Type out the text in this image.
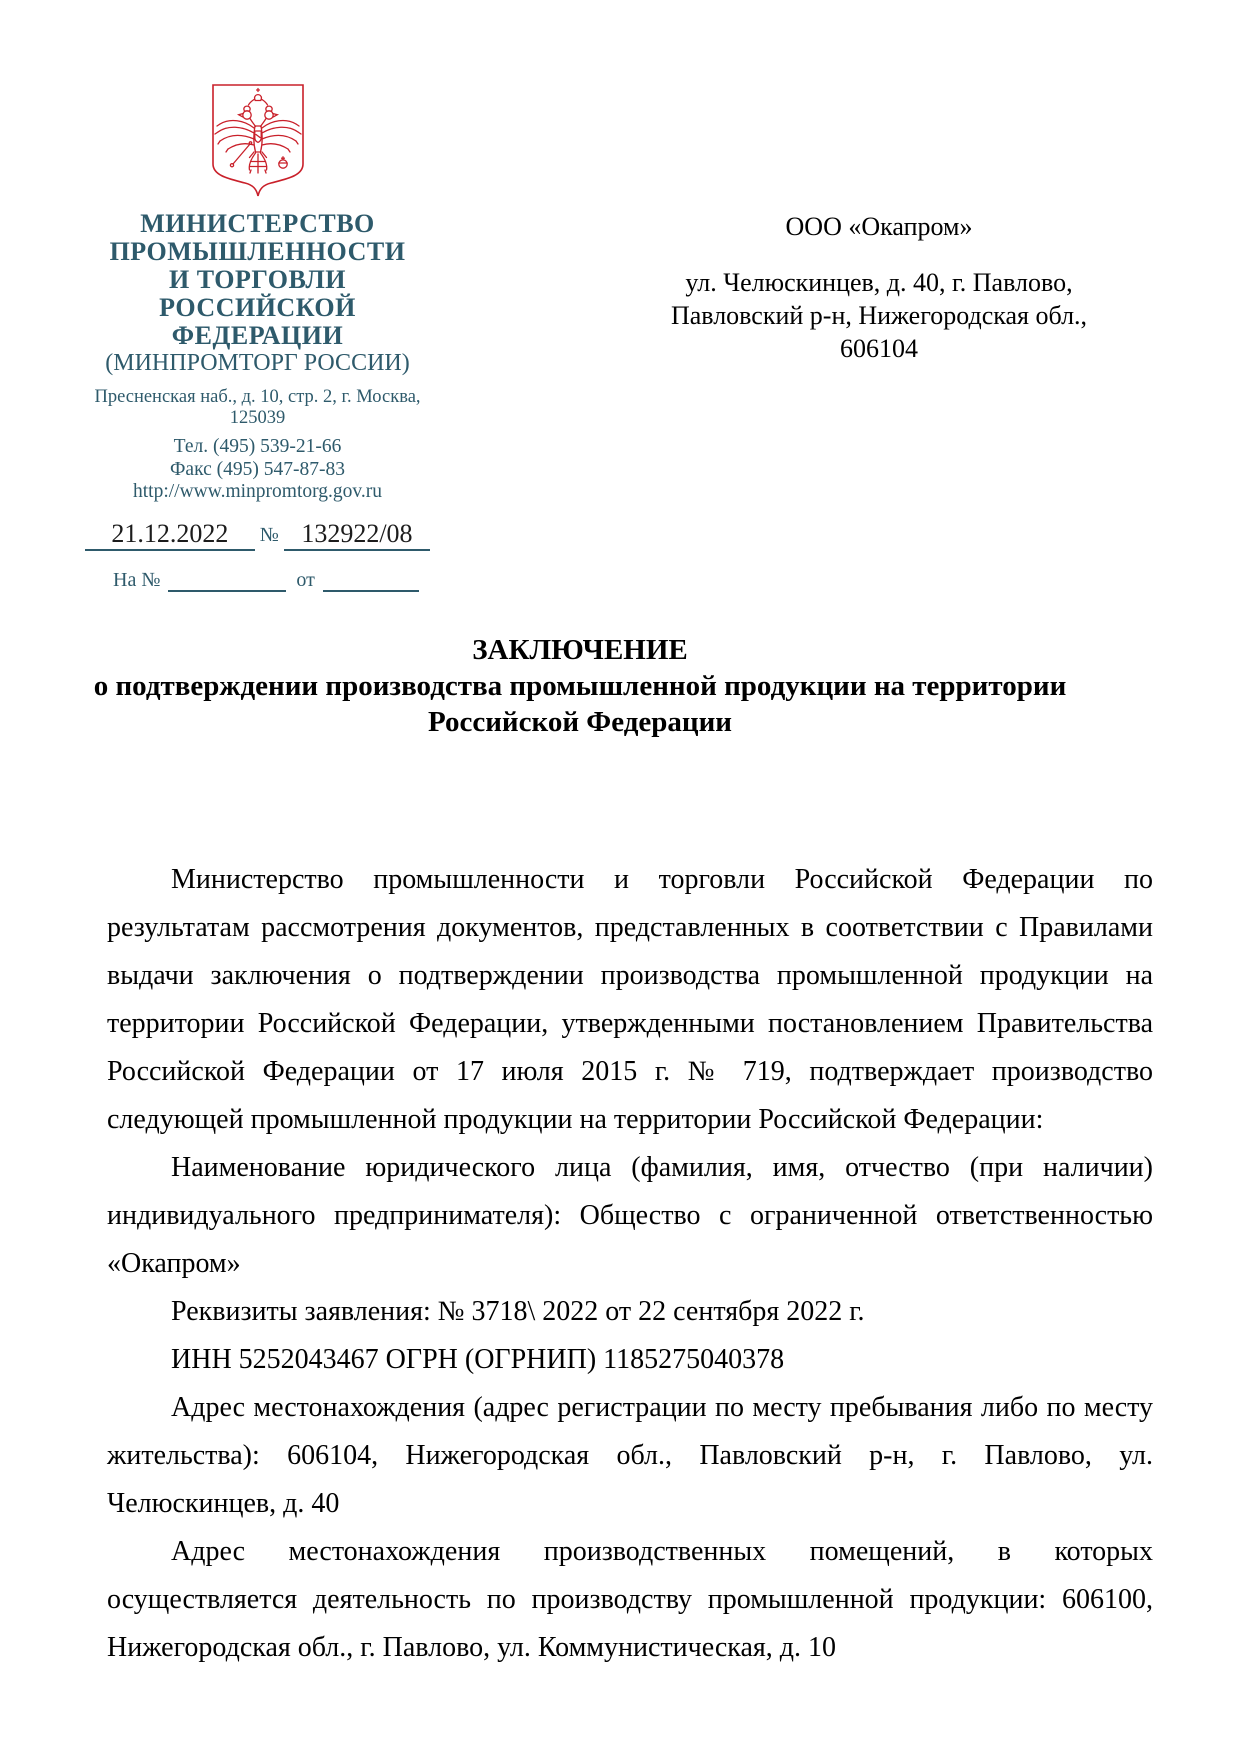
МИНИСТЕРСТВО
ПРОМЫШЛЕННОСТИ
И ТОРГОВЛИ
РОССИЙСКОЙ ФЕДЕРАЦИИ
(МИНПРОМТОРГ РОССИИ)
Пресненская наб., д. 10, стр. 2, г. Москва, 125039
Тел. (495) 539-21-66
Факс (495) 547-87-83
http://www.minpromtorg.gov.ru
21.12.2022	№ 132922/08
На №	от
ООО «Окапром»
ул. Челюскинцев, д. 40, г. Павлово,
Павловский р-н, Нижегородская обл.,
606104
ЗАКЛЮЧЕНИЕ
о подтверждении производства промышленной продукции на территории
Российской Федерации

Министерство промышленности и торговли Российской Федерации по результатам рассмотрения документов, представленных в соответствии с Правилами выдачи заключения о подтверждении производства промышленной продукции на территории Российской Федерации, утвержденными постановлением Правительства Российской Федерации от 17 июля 2015 г. № 719, подтверждает производство следующей промышленной продукции на территории Российской Федерации:

Наименование юридического лица (фамилия, имя, отчество (при наличии) индивидуального предпринимателя): Общество с ограниченной ответственностью «Окапром»

Реквизиты заявления: № 3718\ 2022 от 22 сентября 2022 г.

ИНН 5252043467 ОГРН (ОГРНИП) 1185275040378

Адрес местонахождения (адрес регистрации по месту пребывания либо по месту жительства): 606104, Нижегородская обл., Павловский р-н, г. Павлово, ул. Челюскинцев, д. 40

Адрес местонахождения производственных помещений, в которых осуществляется деятельность по производству промышленной продукции: 606100, Нижегородская обл., г. Павлово, ул. Коммунистическая, д. 10
